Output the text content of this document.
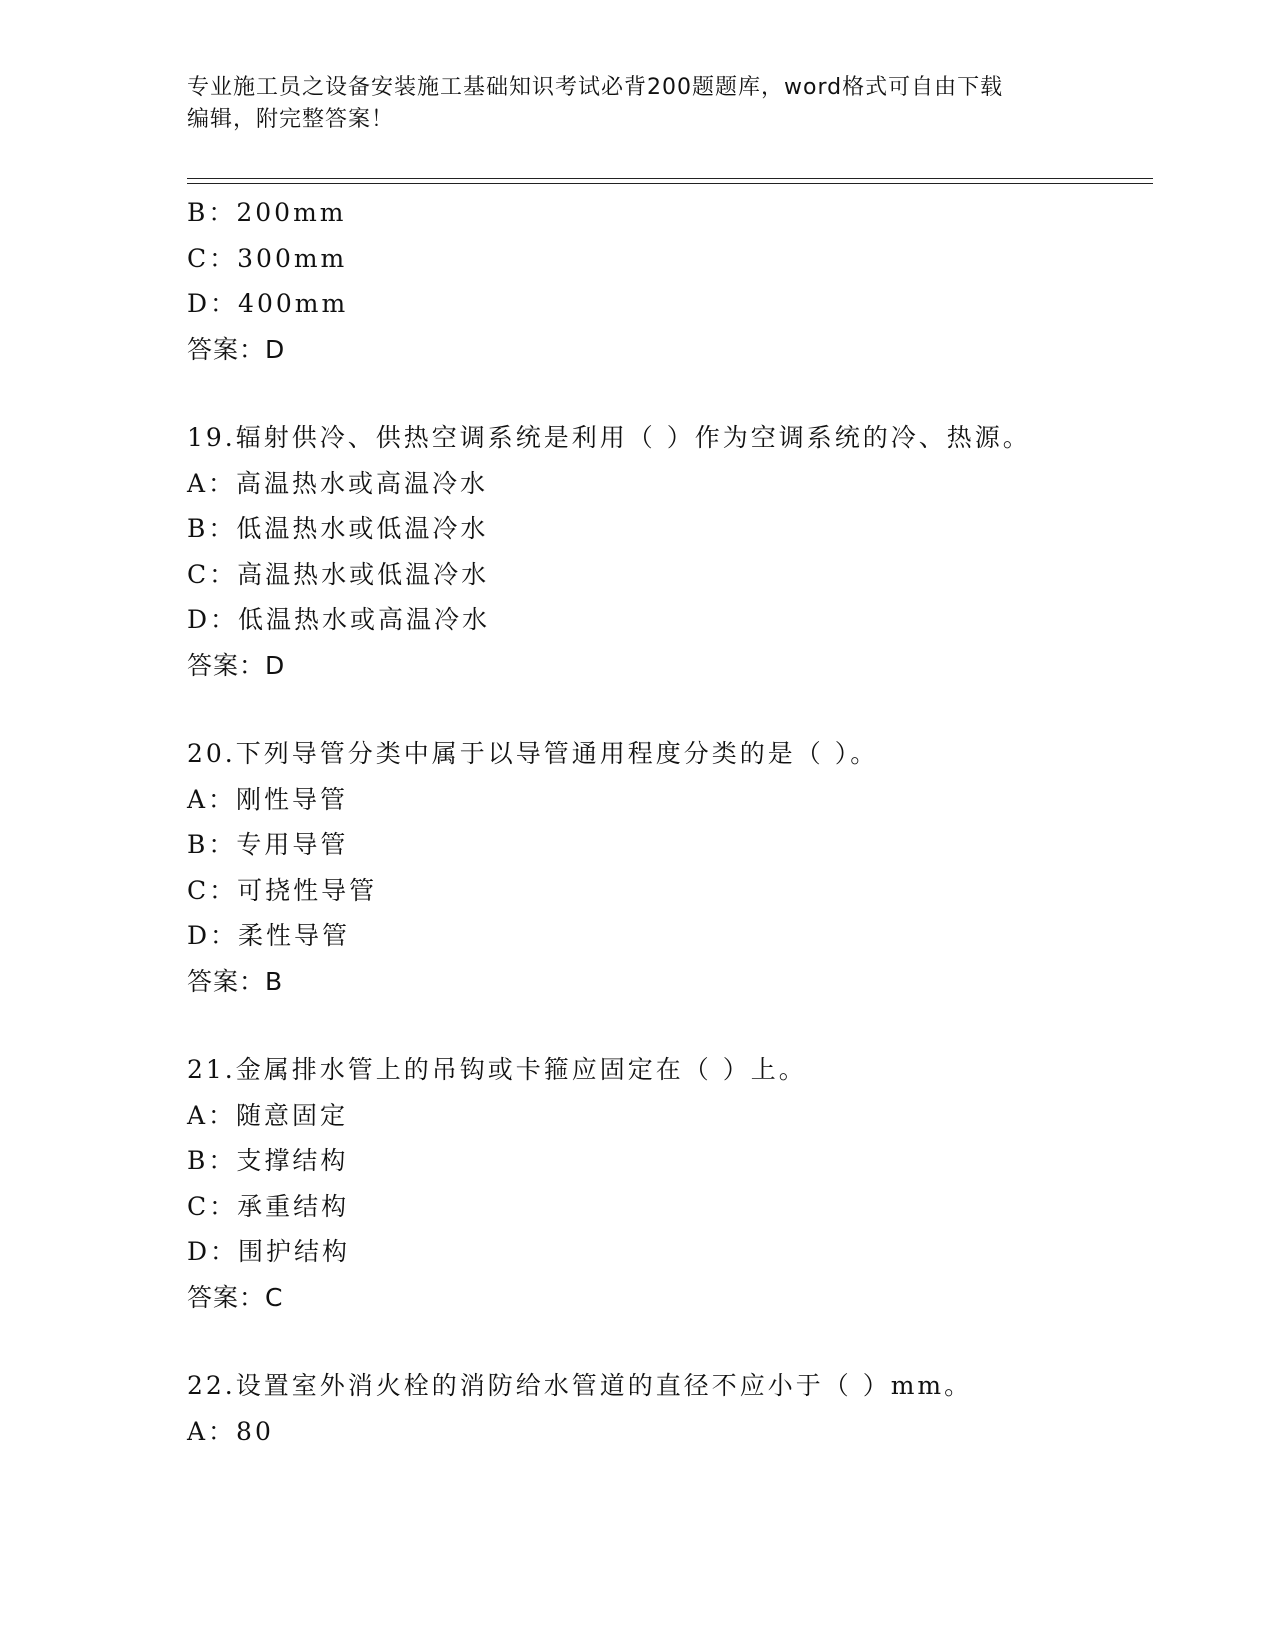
专业施工员之设备安装施工基础知识考试必背200题题库，word格式可自由下载
编辑，附完整答案！
B：200mm
C：300mm
D：400mm
答案：D
19.辐射供冷、供热空调系统是利用（ ）作为空调系统的冷、热源。
A：高温热水或高温冷水
B：低温热水或低温冷水
C：高温热水或低温冷水
D：低温热水或高温冷水
答案：D
20.下列导管分类中属于以导管通用程度分类的是（ ）。
A：刚性导管
B：专用导管
C：可挠性导管
D：柔性导管
答案：B
21.金属排水管上的吊钩或卡箍应固定在（ ）上。
A：随意固定
B：支撑结构
C：承重结构
D：围护结构
答案：C
22.设置室外消火栓的消防给水管道的直径不应小于（ ）mm。
A：80
